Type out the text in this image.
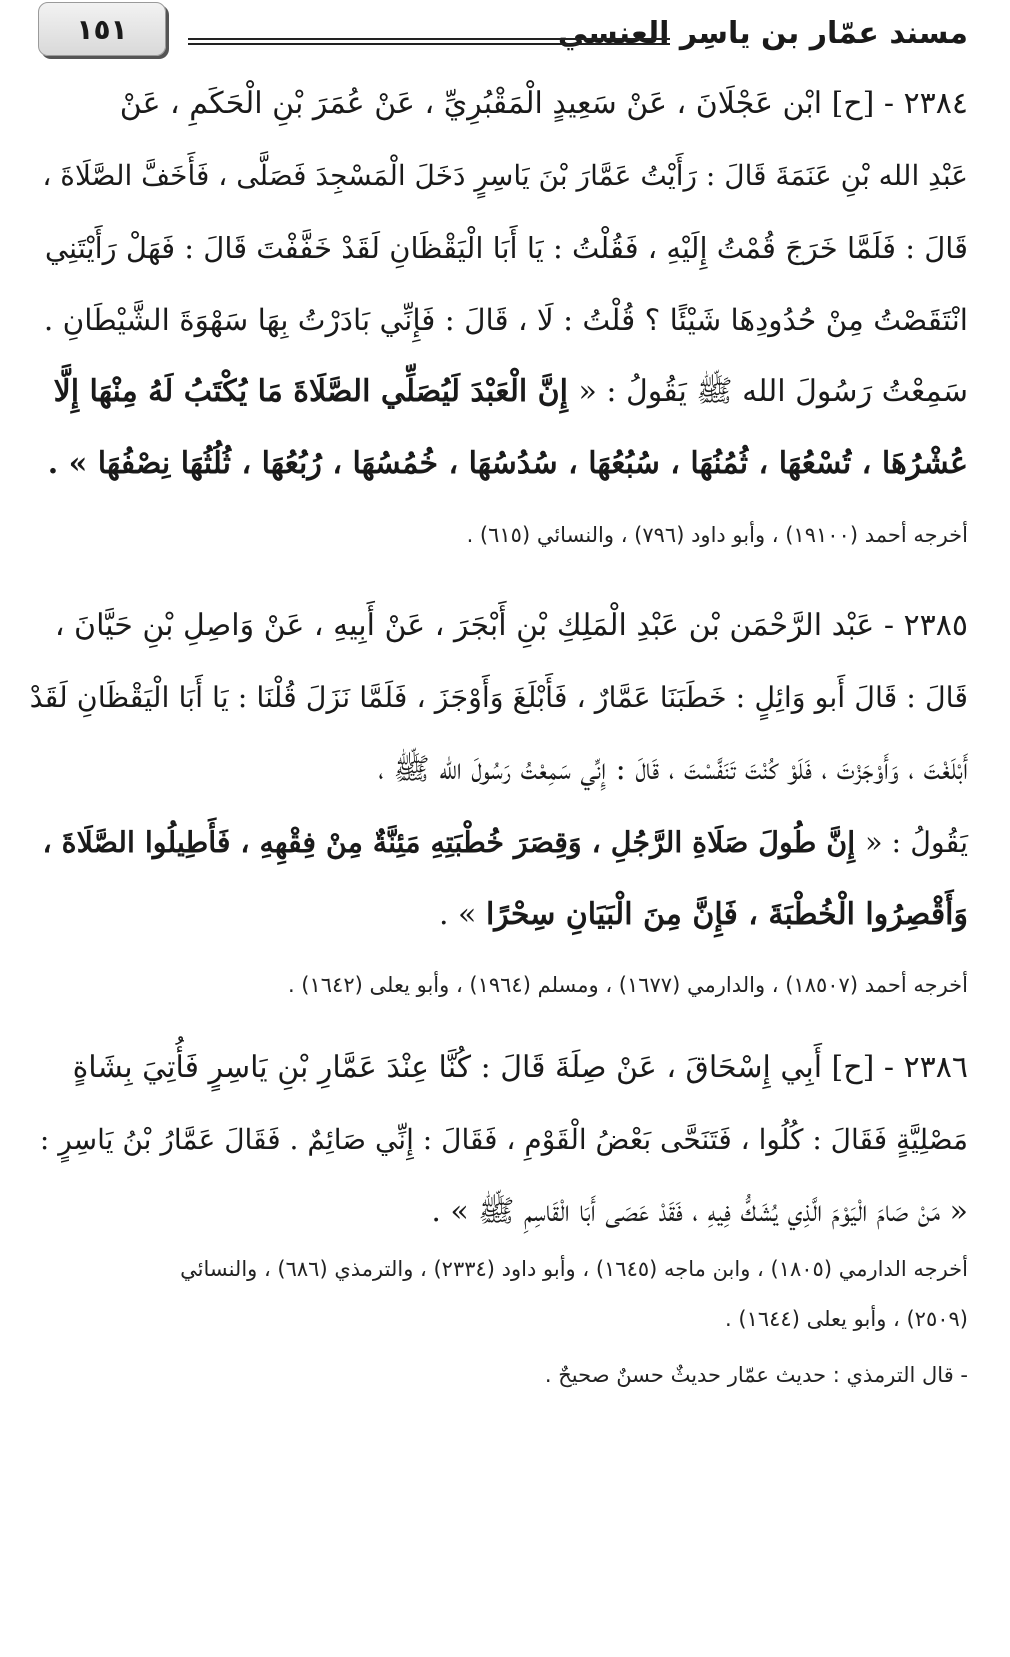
مسند عمّار بن ياسِر العنسي
١٥١
٢٣٨٤ - [ح] ابْن عَجْلَانَ ، عَنْ سَعِيدٍ الْمَقْبُرِيِّ ، عَنْ عُمَرَ بْنِ الْحَكَمِ ، عَنْ
عَبْدِ الله بْنِ عَنَمَةَ قَالَ : رَأَيْتُ عَمَّارَ بْنَ يَاسِرٍ دَخَلَ الْمَسْجِدَ فَصَلَّى ، فَأَخَفَّ الصَّلَاةَ ،
قَالَ : فَلَمَّا خَرَجَ قُمْتُ إِلَيْهِ ، فَقُلْتُ : يَا أَبَا الْيَقْظَانِ لَقَدْ خَفَّفْتَ قَالَ : فَهَلْ رَأَيْتَنِي
انْتَقَصْتُ مِنْ حُدُودِهَا شَيْئًا ؟ قُلْتُ : لَا ، قَالَ : فَإِنِّي بَادَرْتُ بِهَا سَهْوَةَ الشَّيْطَانِ .
سَمِعْتُ رَسُولَ الله ﷺ يَقُولُ : « إِنَّ الْعَبْدَ لَيُصَلِّي الصَّلَاةَ مَا يُكْتَبُ لَهُ مِنْهَا إِلَّا
عُشْرُهَا ، تُسْعُهَا ، ثُمُنُهَا ، سُبُعُهَا ، سُدُسُهَا ، خُمُسُهَا ، رُبُعُهَا ، ثُلُثُهَا نِصْفُهَا » .
أخرجه أحمد (١٩١٠٠) ، وأبو داود (٧٩٦) ، والنسائي (٦١٥) .
٢٣٨٥ - عَبْد الرَّحْمَن بْن عَبْدِ الْمَلِكِ بْنِ أَبْجَرَ ، عَنْ أَبِيهِ ، عَنْ وَاصِلِ بْنِ حَيَّانَ ،
قَالَ : قَالَ أَبو وَائِلٍ : خَطَبَنَا عَمَّارٌ ، فَأَبْلَغَ وَأَوْجَزَ ، فَلَمَّا نَزَلَ قُلْنَا : يَا أَبَا الْيَقْظَانِ لَقَدْ
أَبْلَغْتَ ، وَأَوْجَزْتَ ، فَلَوْ كُنْتَ تَنَفَّسْتَ ، قَالَ : إِنِّي سَمِعْتُ رَسُولَ الله ﷺ ،
يَقُولُ : « إِنَّ طُولَ صَلَاةِ الرَّجُلِ ، وَقِصَرَ خُطْبَتِهِ مَئِنَّةٌ مِنْ فِقْهِهِ ، فَأَطِيلُوا الصَّلَاةَ ،
وَأَقْصِرُوا الْخُطْبَةَ ، فَإِنَّ مِنَ الْبَيَانِ سِحْرًا » .
أخرجه أحمد (١٨٥٠٧) ، والدارمي (١٦٧٧) ، ومسلم (١٩٦٤) ، وأبو يعلى (١٦٤٢) .
٢٣٨٦ - [ح] أَبِي إِسْحَاقَ ، عَنْ صِلَةَ قَالَ : كُنَّا عِنْدَ عَمَّارِ بْنِ يَاسِرٍ فَأُتِيَ بِشَاةٍ
مَصْلِيَّةٍ فَقَالَ : كُلُوا ، فَتَنَحَّى بَعْضُ الْقَوْمِ ، فَقَالَ : إِنِّي صَائِمٌ . فَقَالَ عَمَّارُ بْنُ يَاسِرٍ :
« مَنْ صَامَ الْيَوْمَ الَّذِي يُشَكُّ فِيهِ ، فَقَدْ عَصَى أَبَا الْقَاسِمِ ﷺ » .
أخرجه الدارمي (١٨٠٥) ، وابن ماجه (١٦٤٥) ، وأبو داود (٢٣٣٤) ، والترمذي (٦٨٦) ، والنسائي
(٢٥٠٩) ، وأبو يعلى (١٦٤٤) .
- قال الترمذي : حديث عمّار حديثٌ حسنٌ صحيحٌ .
